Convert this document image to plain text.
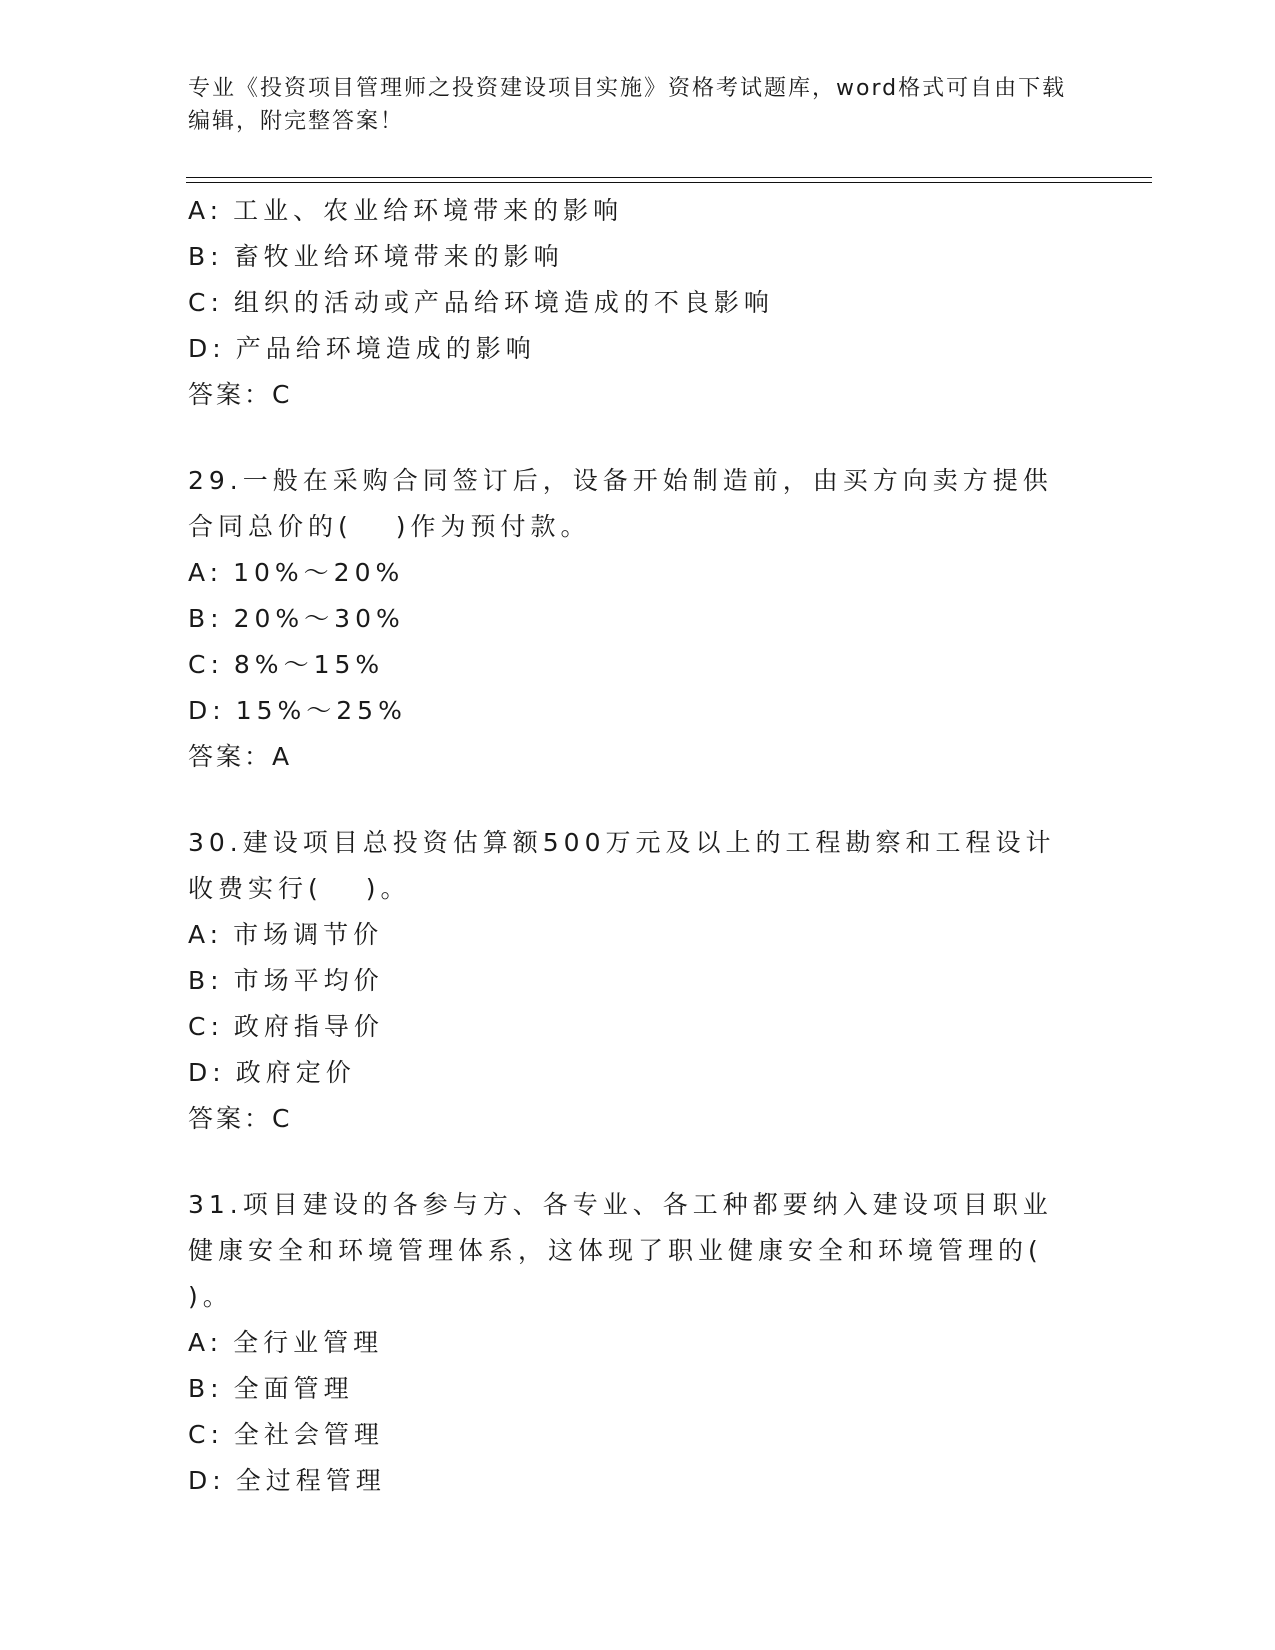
专业《投资项目管理师之投资建设项目实施》资格考试题库，word格式可自由下载编辑，附完整答案！
A: 工业、农业给环境带来的影响
B: 畜牧业给环境带来的影响
C: 组织的活动或产品给环境造成的不良影响
D: 产品给环境造成的影响
答案：C
29.一般在采购合同签订后，设备开始制造前，由买方向卖方提供合同总价的(　 )作为预付款。
A: 10%～20%
B: 20%～30%
C: 8%～15%
D: 15%～25%
答案：A
30.建设项目总投资估算额500万元及以上的工程勘察和工程设计收费实行(　 )。
A: 市场调节价
B: 市场平均价
C: 政府指导价
D: 政府定价
答案：C
31.项目建设的各参与方、各专业、各工种都要纳入建设项目职业健康安全和环境管理体系，这体现了职业健康安全和环境管理的(　 )。
A: 全行业管理
B: 全面管理
C: 全社会管理
D: 全过程管理
